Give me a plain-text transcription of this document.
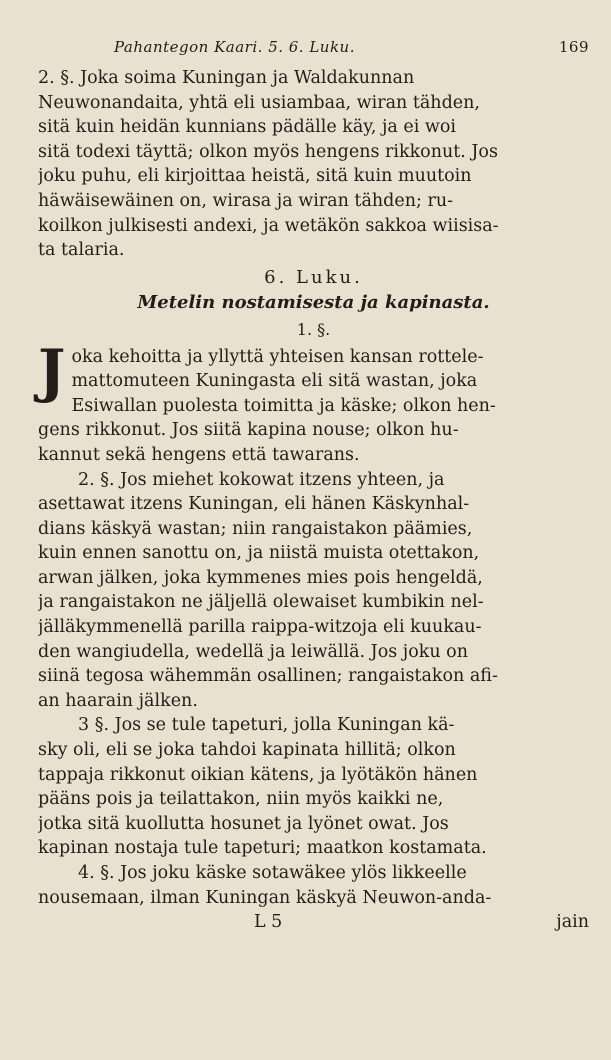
Pahantegon Kaari. 5. 6. Luku.	169
2. §. Joka soima Kuningan ja Waldakunnan
Neuwonandaita, yhtä eli usiambaa, wiran tähden,
sitä kuin heidän kunnians pädälle käy, ja ei woi
sitä todexi täyttä; olkon myös hengens rikkonut. Jos
joku puhu, eli kirjoittaa heistä, sitä kuin muutoin
häwäisewäinen on, wirasa ja wiran tähden; ru-
koilkon julkisesti andexi, ja wetäkön sakkoa wiisisa-
ta talaria.
6. Luku.
Metelin nostamisesta ja kapinasta.
1. §.
J oka kehoitta ja yllyttä yhteisen kansan rottele-
mattomuteen Kuningasta eli sitä wastan, joka
Esiwallan puolesta toimitta ja käske; olkon hen-
gens rikkonut. Jos siitä kapina nouse; olkon hu-
kannut sekä hengens että tawarans.
2. §. Jos miehet kokowat itzens yhteen, ja
asettawat itzens Kuningan, eli hänen Käskynhal-
dians käskyä wastan; niin rangaistakon päämies,
kuin ennen sanottu on, ja niistä muista otettakon,
arwan jälken, joka kymmenes mies pois hengeldä,
ja rangaistakon ne jäljellä olewaiset kumbikin nel-
jälläkymmenellä parilla raippa-witzoja eli kuukau-
den wangiudella, wedellä ja leiwällä. Jos joku on
siinä tegosa wähemmän osallinen; rangaistakon afi-
an haarain jälken.
3 §. Jos se tule tapeturi, jolla Kuningan kä-
sky oli, eli se joka tahdoi kapinata hillitä; olkon
tappaja rikkonut oikian kätens, ja lyötäkön hänen
pääns pois ja teilattakon, niin myös kaikki ne,
jotka sitä kuollutta hosunet ja lyönet owat. Jos
kapinan nostaja tule tapeturi; maatkon kostamata.
4. §. Jos joku käske sotawäkee ylös likkeelle
nousemaan, ilman Kuningan käskyä Neuwon-anda-
L 5	jain
